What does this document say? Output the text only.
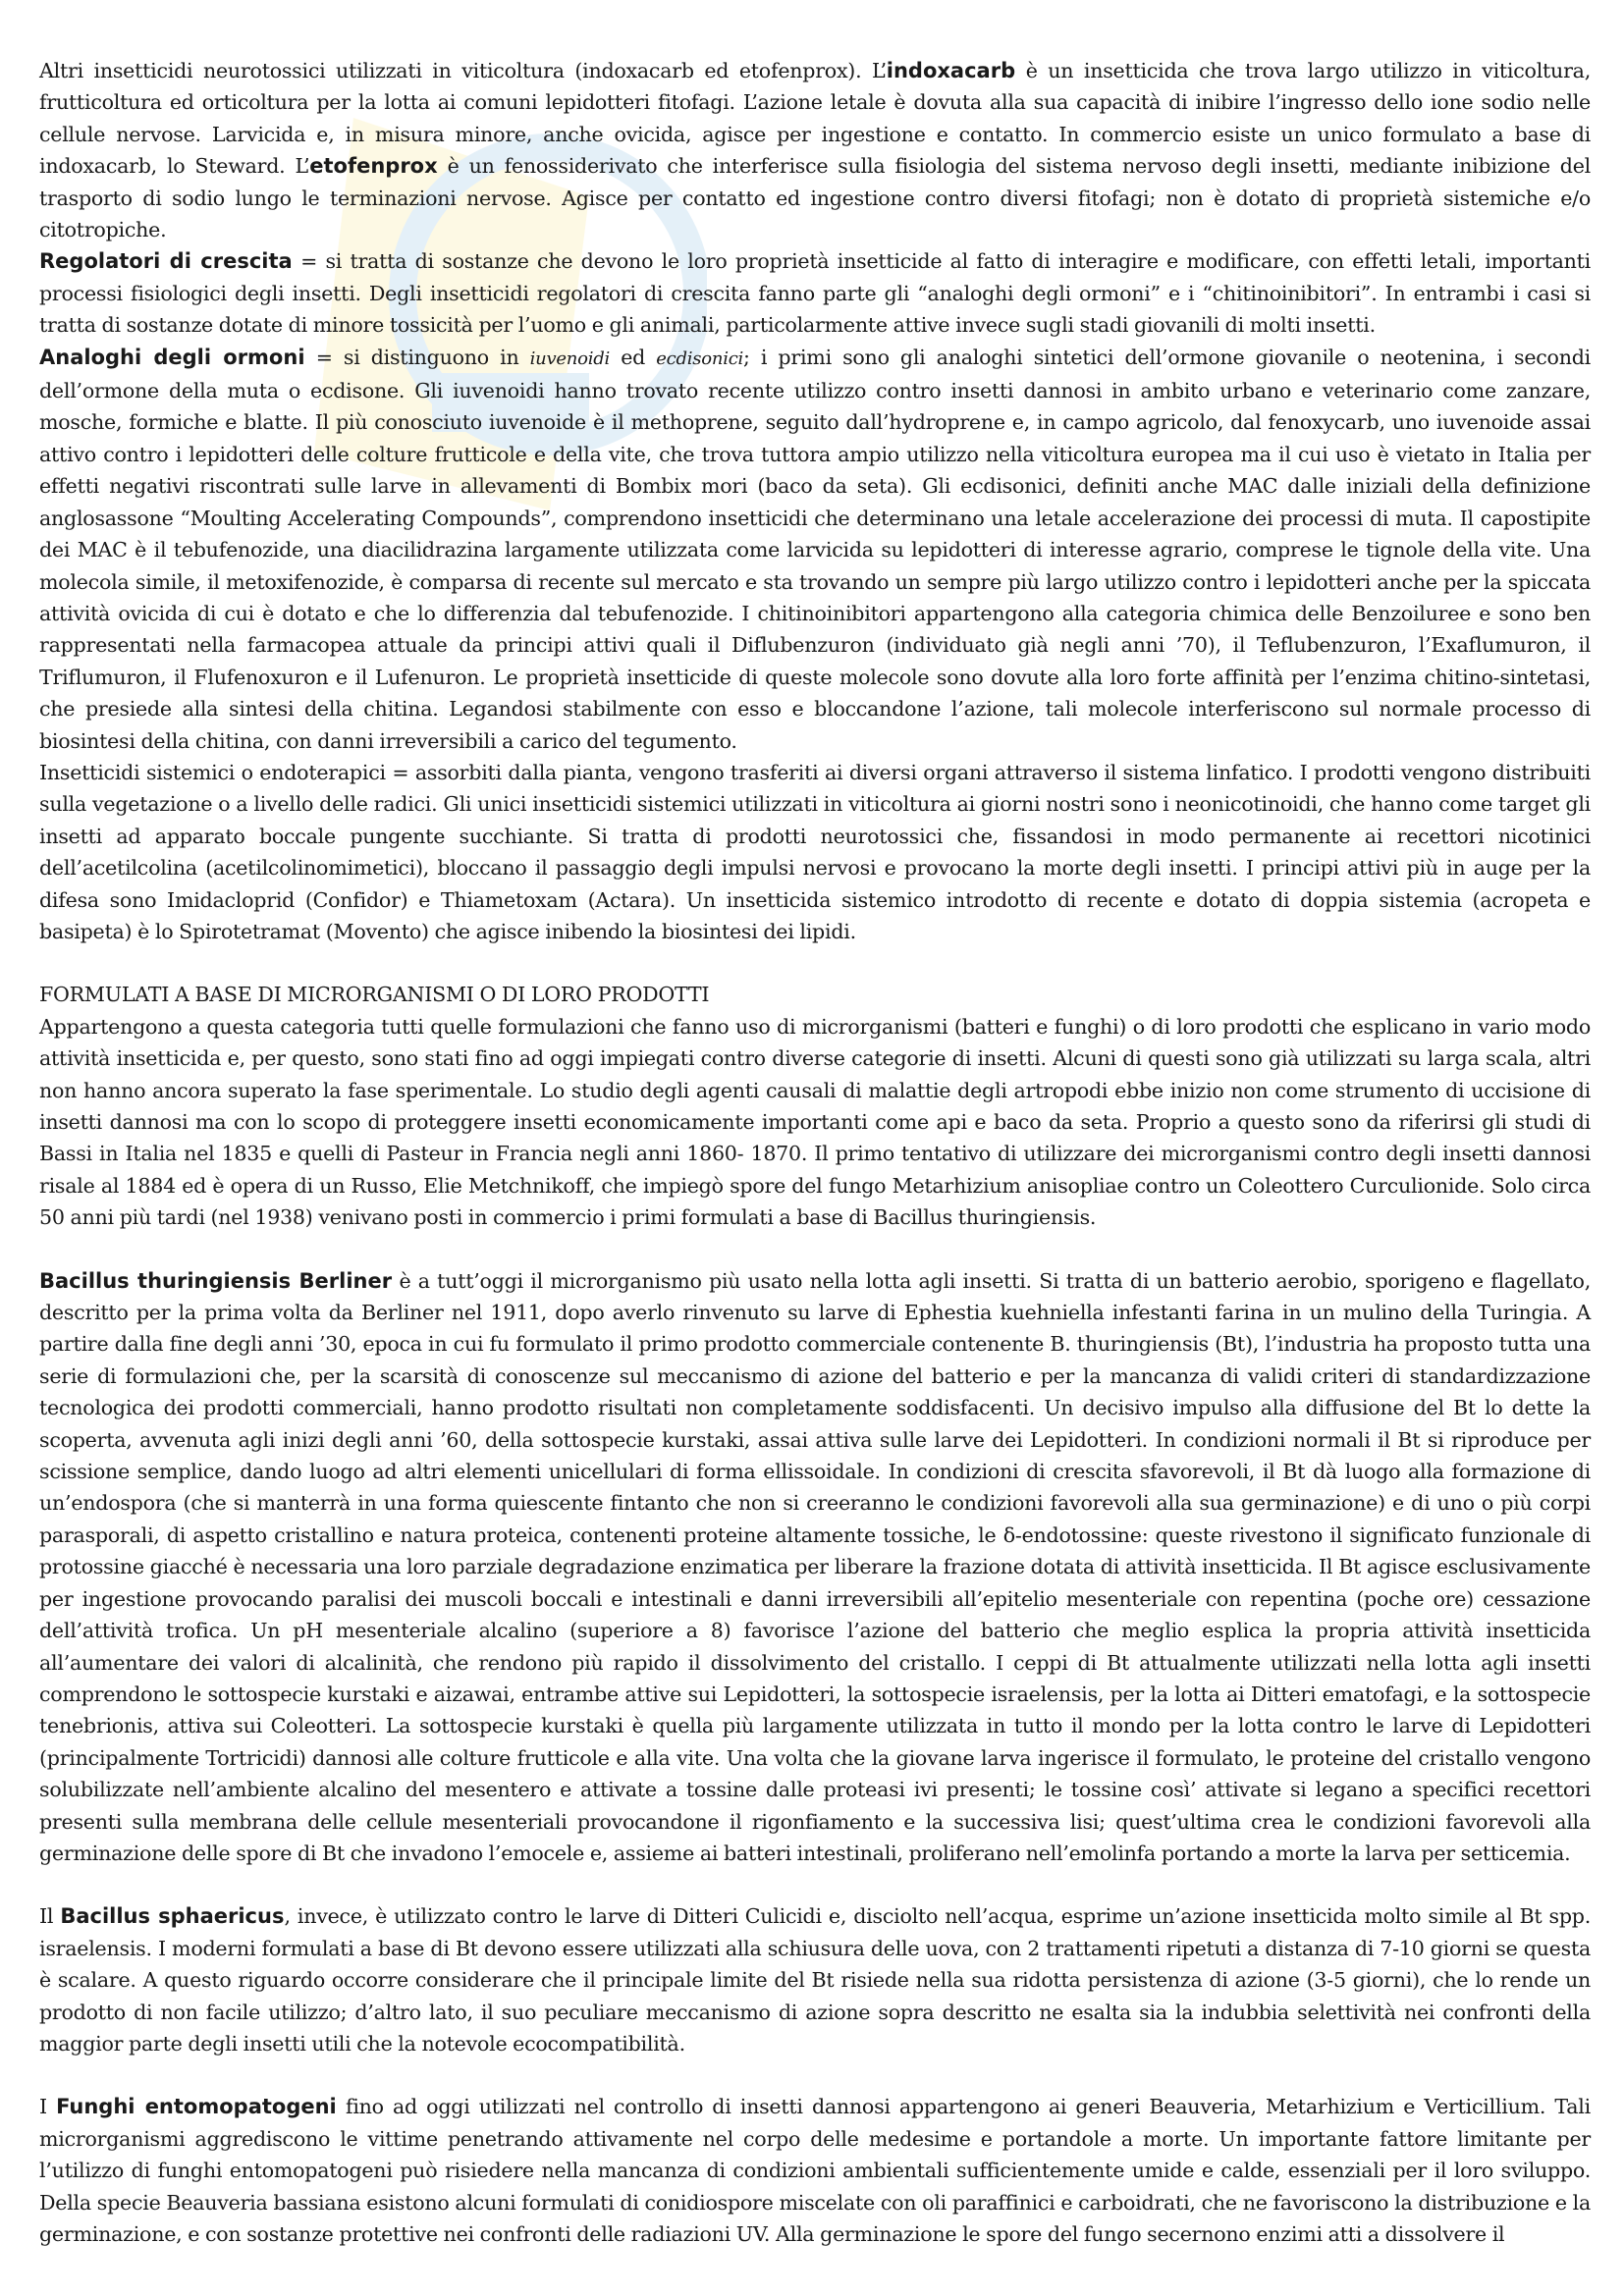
Altri insetticidi neurotossici utilizzati in viticoltura (indoxacarb ed etofenprox). L’indoxacarb è un insetticida che trova largo utilizzo in viticoltura, frutticoltura ed orticoltura per la lotta ai comuni lepidotteri fitofagi. L’azione letale è dovuta alla sua capacità di inibire l’ingresso dello ione sodio nelle cellule nervose. Larvicida e, in misura minore, anche ovicida, agisce per ingestione e contatto. In commercio esiste un unico formulato a base di indoxacarb, lo Steward. L’etofenprox è un fenossiderivato che interferisce sulla fisiologia del sistema nervoso degli insetti, mediante inibizione del trasporto di sodio lungo le terminazioni nervose. Agisce per contatto ed ingestione contro diversi fitofagi; non è dotato di proprietà sistemiche e/o citotropiche.

Regolatori di crescita = si tratta di sostanze che devono le loro proprietà insetticide al fatto di interagire e modificare, con effetti letali, importanti processi fisiologici degli insetti. Degli insetticidi regolatori di crescita fanno parte gli “analoghi degli ormoni” e i “chitinoinibitori”. In entrambi i casi si tratta di sostanze dotate di minore tossicità per l’uomo e gli animali, particolarmente attive invece sugli stadi giovanili di molti insetti.

Analoghi degli ormoni = si distinguono in iuvenoidi ed ecdisonici; i primi sono gli analoghi sintetici dell’ormone giovanile o neotenina, i secondi dell’ormone della muta o ecdisone. Gli iuvenoidi hanno trovato recente utilizzo contro insetti dannosi in ambito urbano e veterinario come zanzare, mosche, formiche e blatte. Il più conosciuto iuvenoide è il methoprene, seguito dall’hydroprene e, in campo agricolo, dal fenoxycarb, uno iuvenoide assai attivo contro i lepidotteri delle colture frutticole e della vite, che trova tuttora ampio utilizzo nella viticoltura europea ma il cui uso è vietato in Italia per effetti negativi riscontrati sulle larve in allevamenti di Bombix mori (baco da seta). Gli ecdisonici, definiti anche MAC dalle iniziali della definizione anglosassone “Moulting Accelerating Compounds”, comprendono insetticidi che determinano una letale accelerazione dei processi di muta. Il capostipite dei MAC è il tebufenozide, una diacilidrazina largamente utilizzata come larvicida su lepidotteri di interesse agrario, comprese le tignole della vite. Una molecola simile, il metoxifenozide, è comparsa di recente sul mercato e sta trovando un sempre più largo utilizzo contro i lepidotteri anche per la spiccata attività ovicida di cui è dotato e che lo differenzia dal tebufenozide. I chitinoinibitori appartengono alla categoria chimica delle Benzoiluree e sono ben rappresentati nella farmacopea attuale da principi attivi quali il Diflubenzuron (individuato già negli anni ’70), il Teflubenzuron, l’Exaflumuron, il Triflumuron, il Flufenoxuron e il Lufenuron. Le proprietà insetticide di queste molecole sono dovute alla loro forte affinità per l’enzima chitino-sintetasi, che presiede alla sintesi della chitina. Legandosi stabilmente con esso e bloccandone l’azione, tali molecole interferiscono sul normale processo di biosintesi della chitina, con danni irreversibili a carico del tegumento.

Insetticidi sistemici o endoterapici = assorbiti dalla pianta, vengono trasferiti ai diversi organi attraverso il sistema linfatico. I prodotti vengono distribuiti sulla vegetazione o a livello delle radici. Gli unici insetticidi sistemici utilizzati in viticoltura ai giorni nostri sono i neonicotinoidi, che hanno come target gli insetti ad apparato boccale pungente succhiante. Si tratta di prodotti neurotossici che, fissandosi in modo permanente ai recettori nicotinici dell’acetilcolina (acetilcolinomimetici), bloccano il passaggio degli impulsi nervosi e provocano la morte degli insetti. I principi attivi più in auge per la difesa sono Imidacloprid (Confidor) e Thiametoxam (Actara). Un insetticida sistemico introdotto di recente e dotato di doppia sistemia (acropeta e basipeta) è lo Spirotetramat (Movento) che agisce inibendo la biosintesi dei lipidi.

FORMULATI A BASE DI MICRORGANISMI O DI LORO PRODOTTI

Appartengono a questa categoria tutti quelle formulazioni che fanno uso di microrganismi (batteri e funghi) o di loro prodotti che esplicano in vario modo attività insetticida e, per questo, sono stati fino ad oggi impiegati contro diverse categorie di insetti. Alcuni di questi sono già utilizzati su larga scala, altri non hanno ancora superato la fase sperimentale. Lo studio degli agenti causali di malattie degli artropodi ebbe inizio non come strumento di uccisione di insetti dannosi ma con lo scopo di proteggere insetti economicamente importanti come api e baco da seta. Proprio a questo sono da riferirsi gli studi di Bassi in Italia nel 1835 e quelli di Pasteur in Francia negli anni 1860- 1870. Il primo tentativo di utilizzare dei microrganismi contro degli insetti dannosi risale al 1884 ed è opera di un Russo, Elie Metchnikoff, che impiegò spore del fungo Metarhizium anisopliae contro un Coleottero Curculionide. Solo circa 50 anni più tardi (nel 1938) venivano posti in commercio i primi formulati a base di Bacillus thuringiensis.

Bacillus thuringiensis Berliner è a tutt’oggi il microrganismo più usato nella lotta agli insetti. Si tratta di un batterio aerobio, sporigeno e flagellato, descritto per la prima volta da Berliner nel 1911, dopo averlo rinvenuto su larve di Ephestia kuehniella infestanti farina in un mulino della Turingia. A partire dalla fine degli anni ’30, epoca in cui fu formulato il primo prodotto commerciale contenente B. thuringiensis (Bt), l’industria ha proposto tutta una serie di formulazioni che, per la scarsità di conoscenze sul meccanismo di azione del batterio e per la mancanza di validi criteri di standardizzazione tecnologica dei prodotti commerciali, hanno prodotto risultati non completamente soddisfacenti. Un decisivo impulso alla diffusione del Bt lo dette la scoperta, avvenuta agli inizi degli anni ’60, della sottospecie kurstaki, assai attiva sulle larve dei Lepidotteri. In condizioni normali il Bt si riproduce per scissione semplice, dando luogo ad altri elementi unicellulari di forma ellissoidale. In condizioni di crescita sfavorevoli, il Bt dà luogo alla formazione di un’endospora (che si manterrà in una forma quiescente fintanto che non si creeranno le condizioni favorevoli alla sua germinazione) e di uno o più corpi parasporali, di aspetto cristallino e natura proteica, contenenti proteine altamente tossiche, le δ-endotossine: queste rivestono il significato funzionale di protossine giacché è necessaria una loro parziale degradazione enzimatica per liberare la frazione dotata di attività insetticida. Il Bt agisce esclusivamente per ingestione provocando paralisi dei muscoli boccali e intestinali e danni irreversibili all’epitelio mesenteriale con repentina (poche ore) cessazione dell’attività trofica. Un pH mesenteriale alcalino (superiore a 8) favorisce l’azione del batterio che meglio esplica la propria attività insetticida all’aumentare dei valori di alcalinità, che rendono più rapido il dissolvimento del cristallo. I ceppi di Bt attualmente utilizzati nella lotta agli insetti comprendono le sottospecie kurstaki e aizawai, entrambe attive sui Lepidotteri, la sottospecie israelensis, per la lotta ai Ditteri ematofagi, e la sottospecie tenebrionis, attiva sui Coleotteri. La sottospecie kurstaki è quella più largamente utilizzata in tutto il mondo per la lotta contro le larve di Lepidotteri (principalmente Tortricidi) dannosi alle colture frutticole e alla vite. Una volta che la giovane larva ingerisce il formulato, le proteine del cristallo vengono solubilizzate nell’ambiente alcalino del mesentero e attivate a tossine dalle proteasi ivi presenti; le tossine così’ attivate si legano a specifici recettori presenti sulla membrana delle cellule mesenteriali provocandone il rigonfiamento e la successiva lisi; quest’ultima crea le condizioni favorevoli alla germinazione delle spore di Bt che invadono l’emocele e, assieme ai batteri intestinali, proliferano nell’emolinfa portando a morte la larva per setticemia.

Il Bacillus sphaericus, invece, è utilizzato contro le larve di Ditteri Culicidi e, disciolto nell’acqua, esprime un’azione insetticida molto simile al Bt spp. israelensis. I moderni formulati a base di Bt devono essere utilizzati alla schiusura delle uova, con 2 trattamenti ripetuti a distanza di 7-10 giorni se questa è scalare. A questo riguardo occorre considerare che il principale limite del Bt risiede nella sua ridotta persistenza di azione (3-5 giorni), che lo rende un prodotto di non facile utilizzo; d’altro lato, il suo peculiare meccanismo di azione sopra descritto ne esalta sia la indubbia selettività nei confronti della maggior parte degli insetti utili che la notevole ecocompatibilità.

I Funghi entomopatogeni fino ad oggi utilizzati nel controllo di insetti dannosi appartengono ai generi Beauveria, Metarhizium e Verticillium. Tali microrganismi aggrediscono le vittime penetrando attivamente nel corpo delle medesime e portandole a morte. Un importante fattore limitante per l’utilizzo di funghi entomopatogeni può risiedere nella mancanza di condizioni ambientali sufficientemente umide e calde, essenziali per il loro sviluppo. Della specie Beauveria bassiana esistono alcuni formulati di conidiospore miscelate con oli paraffinici e carboidrati, che ne favoriscono la distribuzione e la germinazione, e con sostanze protettive nei confronti delle radiazioni UV. Alla germinazione le spore del fungo secernono enzimi atti a dissolvere il
